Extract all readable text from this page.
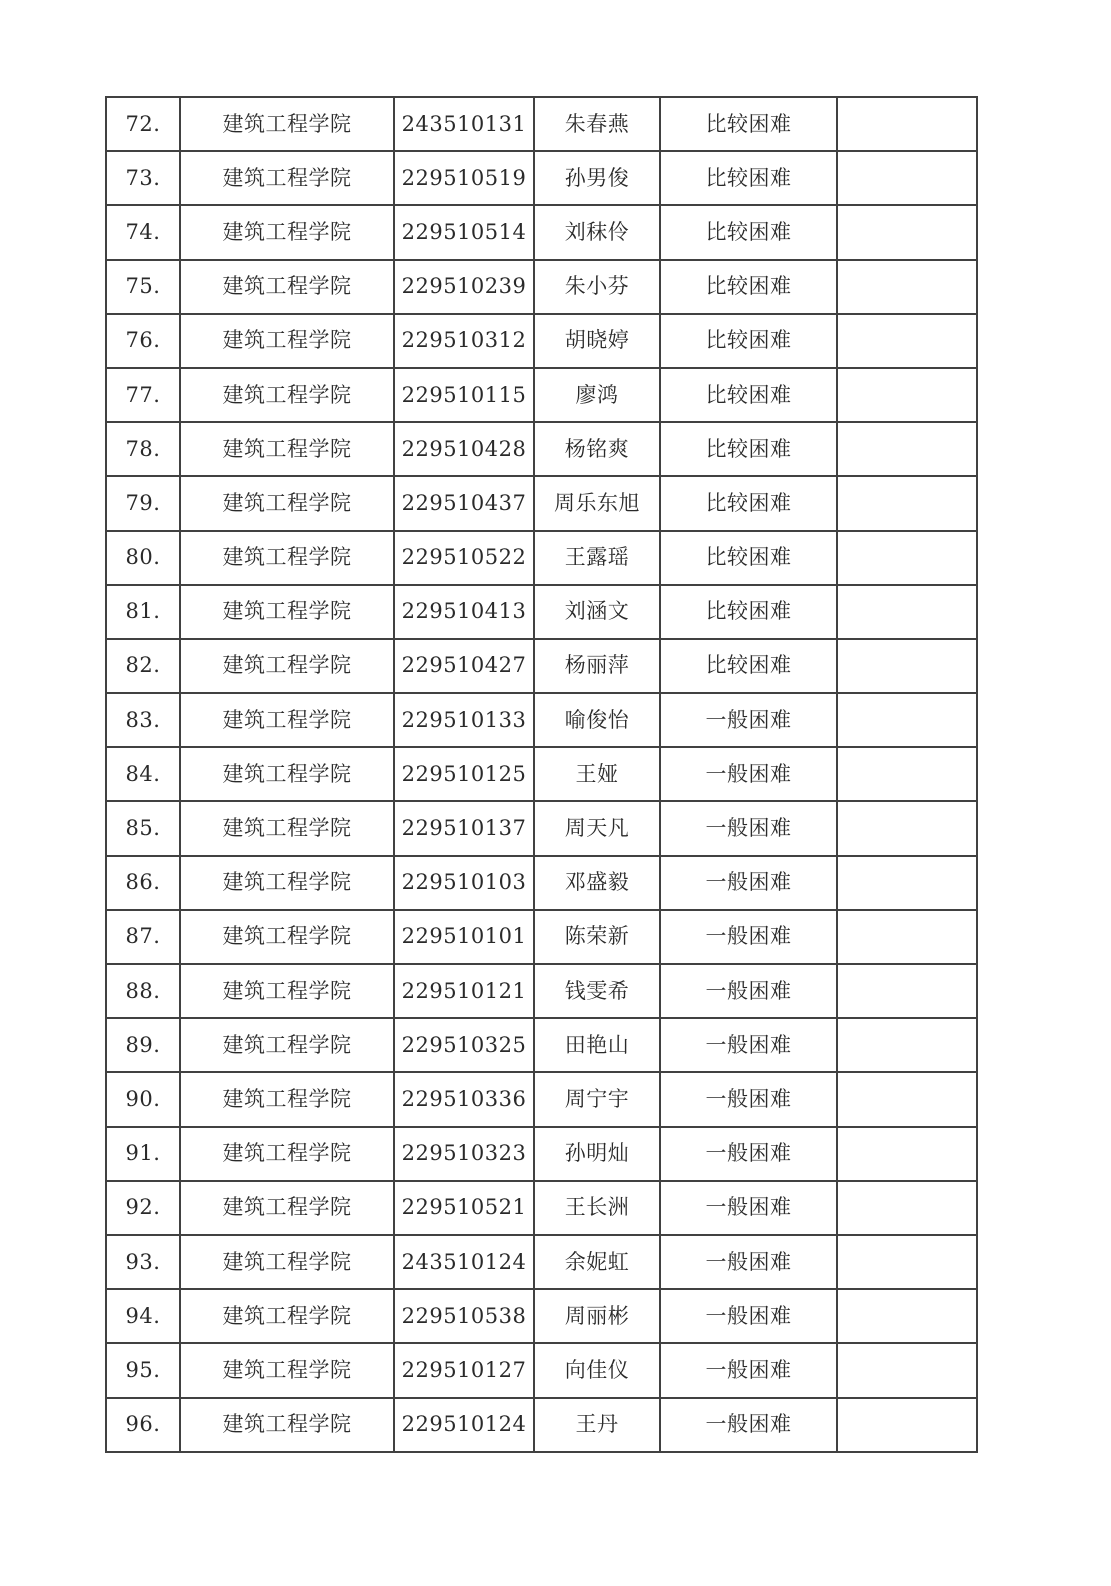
72.	建筑工程学院	243510131	朱春燕	比较困难	
73.	建筑工程学院	229510519	孙男俊	比较困难	
74.	建筑工程学院	229510514	刘秣伶	比较困难	
75.	建筑工程学院	229510239	朱小芬	比较困难	
76.	建筑工程学院	229510312	胡晓婷	比较困难	
77.	建筑工程学院	229510115	廖鸿	比较困难	
78.	建筑工程学院	229510428	杨铭爽	比较困难	
79.	建筑工程学院	229510437	周乐东旭	比较困难	
80.	建筑工程学院	229510522	王露瑶	比较困难	
81.	建筑工程学院	229510413	刘涵文	比较困难	
82.	建筑工程学院	229510427	杨丽萍	比较困难	
83.	建筑工程学院	229510133	喻俊怡	一般困难	
84.	建筑工程学院	229510125	王娅	一般困难	
85.	建筑工程学院	229510137	周天凡	一般困难	
86.	建筑工程学院	229510103	邓盛毅	一般困难	
87.	建筑工程学院	229510101	陈荣新	一般困难	
88.	建筑工程学院	229510121	钱雯希	一般困难	
89.	建筑工程学院	229510325	田艳山	一般困难	
90.	建筑工程学院	229510336	周宁宇	一般困难	
91.	建筑工程学院	229510323	孙明灿	一般困难	
92.	建筑工程学院	229510521	王长洲	一般困难	
93.	建筑工程学院	243510124	余妮虹	一般困难	
94.	建筑工程学院	229510538	周丽彬	一般困难	
95.	建筑工程学院	229510127	向佳仪	一般困难	
96.	建筑工程学院	229510124	王丹	一般困难	
